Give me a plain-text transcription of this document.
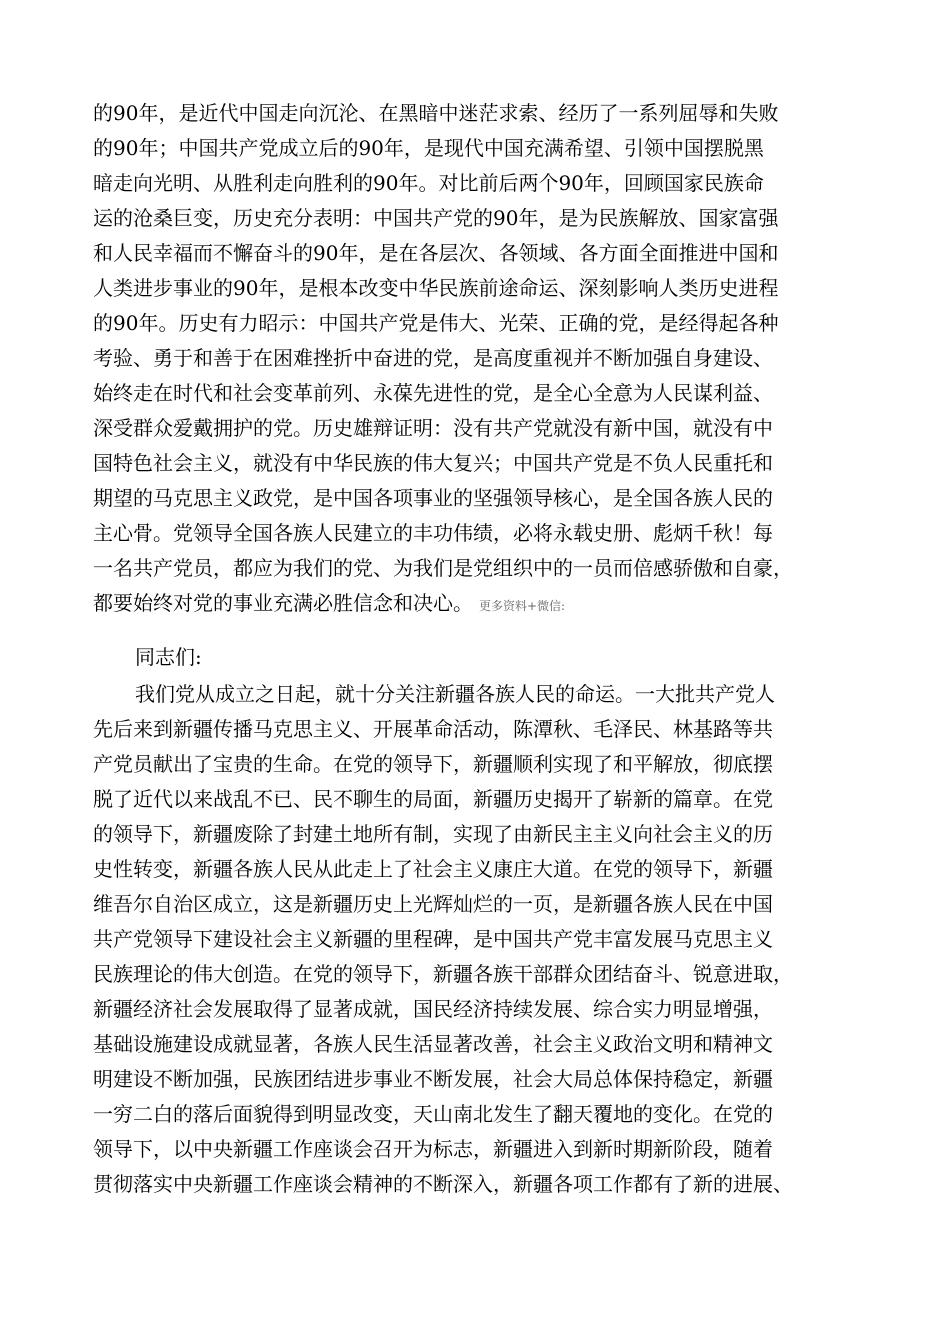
的90年，是近代中国走向沉沦、在黑暗中迷茫求索、经历了一系列屈辱和失败
的90年；中国共产党成立后的90年，是现代中国充满希望、引领中国摆脱黑
暗走向光明、从胜利走向胜利的90年。对比前后两个90年，回顾国家民族命
运的沧桑巨变，历史充分表明：中国共产党的90年，是为民族解放、国家富强
和人民幸福而不懈奋斗的90年，是在各层次、各领域、各方面全面推进中国和
人类进步事业的90年，是根本改变中华民族前途命运、深刻影响人类历史进程
的90年。历史有力昭示：中国共产党是伟大、光荣、正确的党，是经得起各种
考验、勇于和善于在困难挫折中奋进的党，是高度重视并不断加强自身建设、
始终走在时代和社会变革前列、永葆先进性的党，是全心全意为人民谋利益、
深受群众爱戴拥护的党。历史雄辩证明：没有共产党就没有新中国，就没有中
国特色社会主义，就没有中华民族的伟大复兴；中国共产党是不负人民重托和
期望的马克思主义政党，是中国各项事业的坚强领导核心，是全国各族人民的
主心骨。党领导全国各族人民建立的丰功伟绩，必将永载史册、彪炳千秋！每
一名共产党员，都应为我们的党、为我们是党组织中的一员而倍感骄傲和自豪，
都要始终对党的事业充满必胜信念和决心。 更多资料+微信:
同志们:
我们党从成立之日起，就十分关注新疆各族人民的命运。一大批共产党人
先后来到新疆传播马克思主义、开展革命活动，陈潭秋、毛泽民、林基路等共
产党员献出了宝贵的生命。在党的领导下，新疆顺利实现了和平解放，彻底摆
脱了近代以来战乱不已、民不聊生的局面，新疆历史揭开了崭新的篇章。在党
的领导下，新疆废除了封建土地所有制，实现了由新民主主义向社会主义的历
史性转变，新疆各族人民从此走上了社会主义康庄大道。在党的领导下，新疆
维吾尔自治区成立，这是新疆历史上光辉灿烂的一页，是新疆各族人民在中国
共产党领导下建设社会主义新疆的里程碑，是中国共产党丰富发展马克思主义
民族理论的伟大创造。在党的领导下，新疆各族干部群众团结奋斗、锐意进取，
新疆经济社会发展取得了显著成就，国民经济持续发展、综合实力明显增强，
基础设施建设成就显著，各族人民生活显著改善，社会主义政治文明和精神文
明建设不断加强，民族团结进步事业不断发展，社会大局总体保持稳定，新疆
一穷二白的落后面貌得到明显改变，天山南北发生了翻天覆地的变化。在党的
领导下，以中央新疆工作座谈会召开为标志，新疆进入到新时期新阶段，随着
贯彻落实中央新疆工作座谈会精神的不断深入，新疆各项工作都有了新的进展、
